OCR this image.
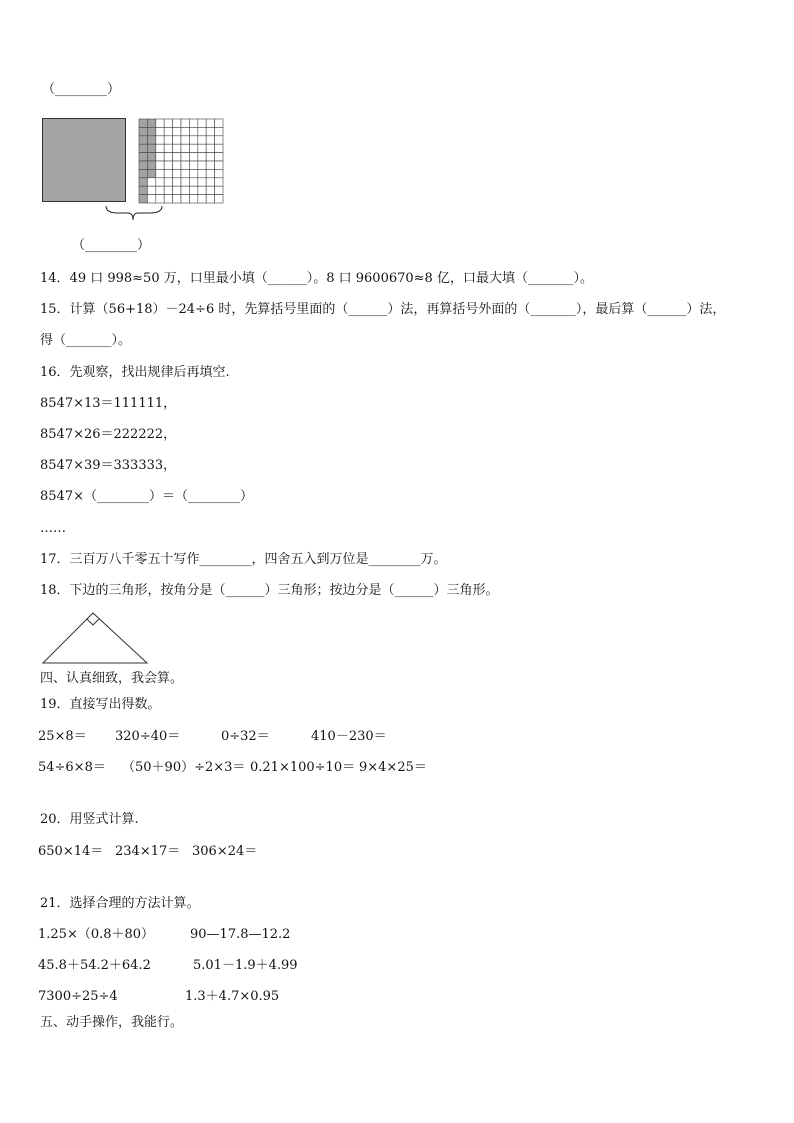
（________）
（________）
14．49 口 998≈50 万，口里最小填（______）。8 口 9600670≈8 亿，口最大填（_______）。
15．计算（56+18）－24÷6 时，先算括号里面的（______）法，再算括号外面的（_______），最后算（______）法，
得（_______）。
16．先观察，找出规律后再填空.
8547×13＝111111，
8547×26＝222222，
8547×39＝333333，
8547×（________）＝（________）
……
17．三百万八千零五十写作________，四舍五入到万位是________万。
18．下边的三角形，按角分是（______）三角形；按边分是（______）三角形。
四、认真细致，我会算。
19．直接写出得数。
25×8＝ 320÷40＝	0÷32＝	410－230＝
54÷6×8＝ （50＋90）÷2×3＝ 0.21×100÷10＝ 9×4×25＝
20．用竖式计算.
650×14＝ 234×17＝ 306×24＝
21．选择合理的方法计算。
1.25×（0.8＋80）	90—17.8—12.2
45.8＋54.2＋64.2	5.01－1.9＋4.99
7300÷25÷4	1.3＋4.7×0.95
五、动手操作，我能行。
